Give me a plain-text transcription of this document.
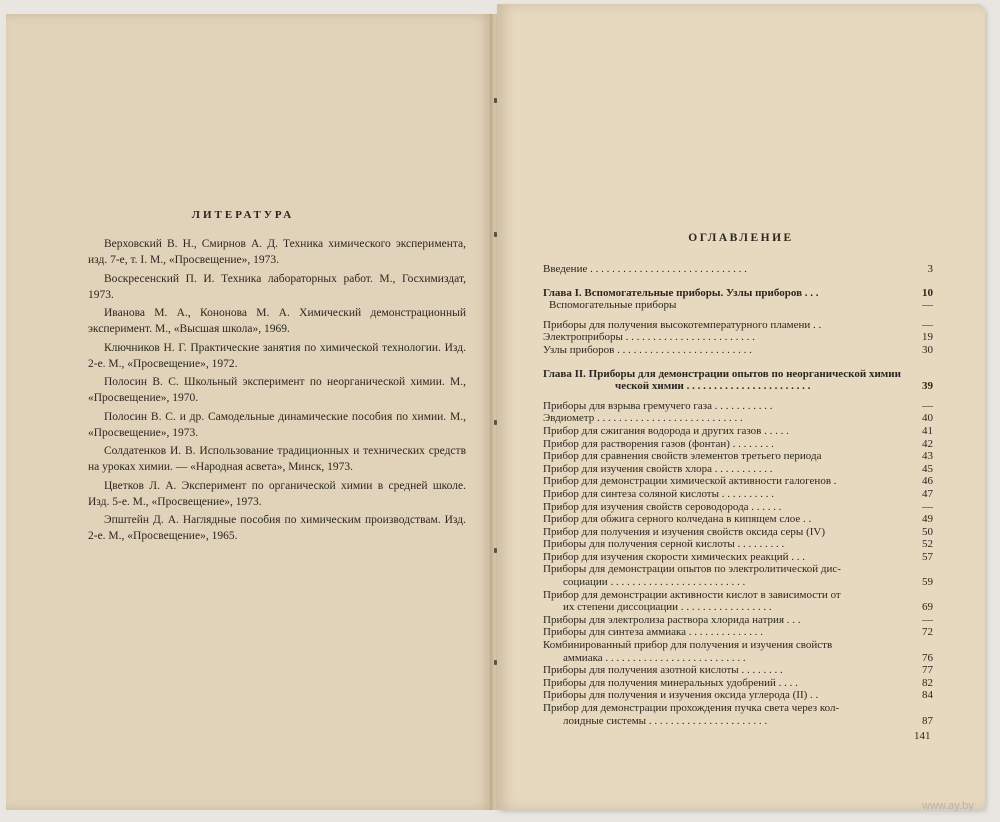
ЛИТЕРАТУРА

Верховский В. Н., Смирнов А. Д. Техника химического эксперимента, изд. 7-е, т. I. М., «Просвещение», 1973.

Воскресенский П. И. Техника лабораторных работ. М., Госхимиздат, 1973.

Иванова М. А., Кононова М. А. Химический демонстрационный эксперимент. М., «Высшая школа», 1969.

Ключников Н. Г. Практические занятия по химической технологии. Изд. 2-е. М., «Просвещение», 1972.

Полосин В. С. Школьный эксперимент по неорганической химии. М., «Просвещение», 1970.

Полосин В. С. и др. Самодельные динамические пособия по химии. М., «Просвещение», 1973.

Солдатенков И. В. Использование традиционных и технических средств на уроках химии. — «Народная асвета», Минск, 1973.

Цветков Л. А. Эксперимент по органической химии в средней школе. Изд. 5-е. М., «Просвещение», 1973.

Эпштейн Д. А. Наглядные пособия по химическим производствам. Изд. 2-е. М., «Просвещение», 1965.

ОГЛАВЛЕНИЕ
Введение . . . . . . . . . . . . . . . . . . . . . . . . . . . . .	3
Глава I. Вспомогательные приборы. Узлы приборов . . .	10
Вспомогательные приборы	—
Приборы для получения высокотемпературного пламени . .	—
Электроприборы . . . . . . . . . . . . . . . . . . . . . . . .	19
Узлы приборов . . . . . . . . . . . . . . . . . . . . . . . . .	30
Глава II. Приборы для демонстрации опытов по неорганической химии
ческой химии . . . . . . . . . . . . . . . . . . . . . . .	39
Приборы для взрыва гремучего газа . . . . . . . . . . .	—
Эвдиометр . . . . . . . . . . . . . . . . . . . . . . . . . . .	40
Прибор для сжигания водорода и других газов . . . . .	41
Прибор для растворения газов (фонтан) . . . . . . . .	42
Прибор для сравнения свойств элементов третьего периода	43
Прибор для изучения свойств хлора . . . . . . . . . . .	45
Прибор для демонстрации химической активности галогенов .	46
Прибор для синтеза соляной кислоты . . . . . . . . . .	47
Прибор для изучения свойств сероводорода . . . . . .	—
Прибор для обжига серного колчедана в кипящем слое . .	49
Прибор для получения и изучения свойств оксида серы (IV)	50
Приборы для получения серной кислоты . . . . . . . . .	52
Прибор для изучения скорости химических реакций . . .	57
Приборы для демонстрации опытов по электролитической дис-
социации . . . . . . . . . . . . . . . . . . . . . . . . .	59
Прибор для демонстрации активности кислот в зависимости от
их степени диссоциации . . . . . . . . . . . . . . . . .	69
Приборы для электролиза раствора хлорида натрия . . .	—
Приборы для синтеза аммиака . . . . . . . . . . . . . .	72
Комбинированный прибор для получения и изучения свойств
аммиака . . . . . . . . . . . . . . . . . . . . . . . . . .	76
Приборы для получения азотной кислоты . . . . . . . .	77
Приборы для получения минеральных удобрений . . . .	82
Приборы для получения и изучения оксида углерода (II) . .	84
Прибор для демонстрации прохождения пучка света через кол-
лоидные системы . . . . . . . . . . . . . . . . . . . . . .	87
141
www.ay.by
